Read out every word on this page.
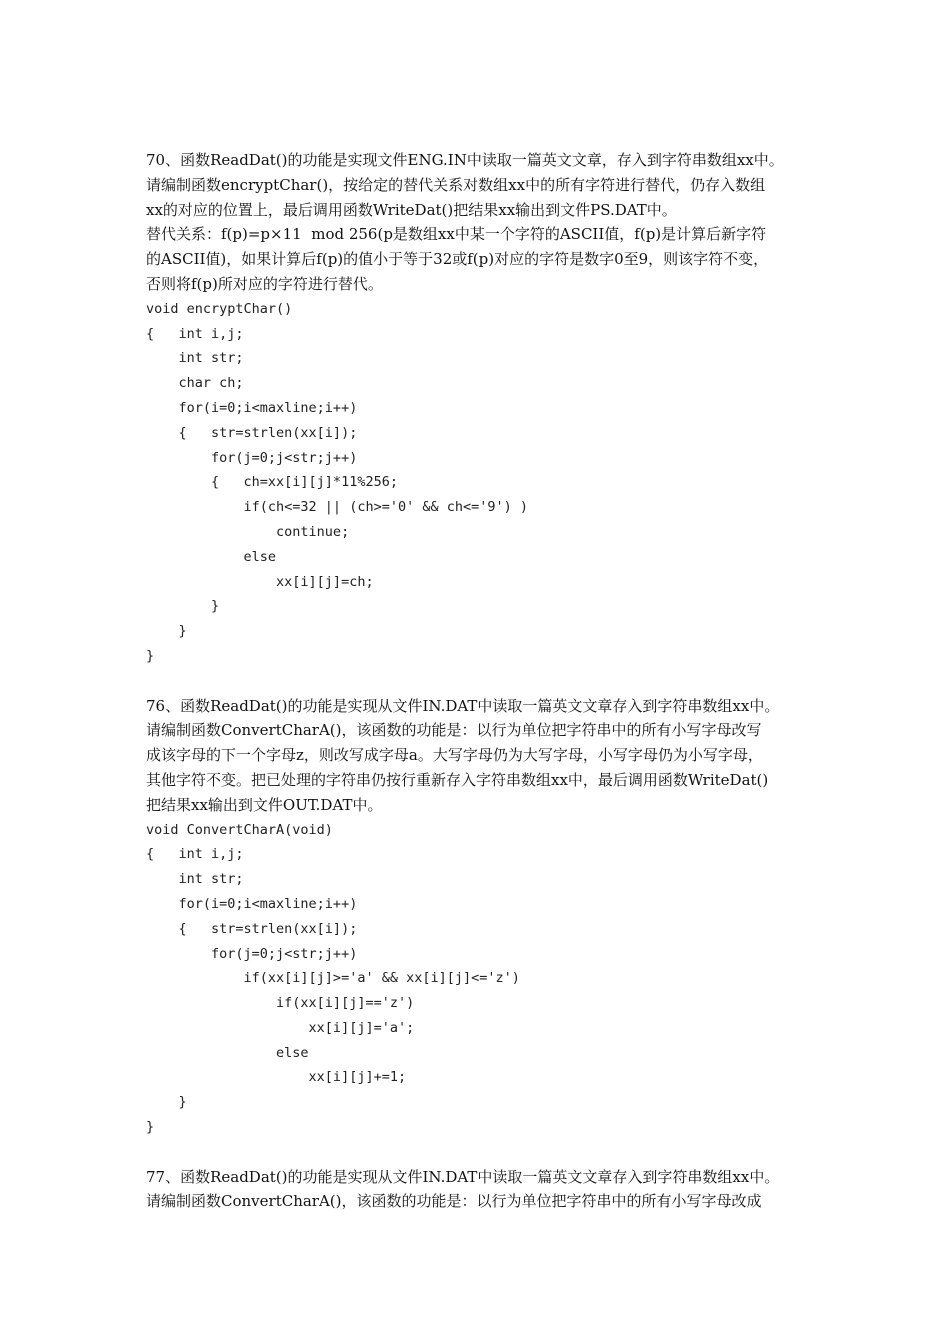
70、函数ReadDat()的功能是实现文件ENG.IN中读取一篇英文文章，存入到字符串数组xx中。

请编制函数encryptChar()，按给定的替代关系对数组xx中的所有字符进行替代，仍存入数组

xx的对应的位置上，最后调用函数WriteDat()把结果xx输出到文件PS.DAT中。

替代关系：f(p)=p×11  mod 256(p是数组xx中某一个字符的ASCII值，f(p)是计算后新字符

的ASCII值)，如果计算后f(p)的值小于等于32或f(p)对应的字符是数字0至9，则该字符不变，

否则将f(p)所对应的字符进行替代。

void encryptChar()
{   int i,j;
int str;
char ch;
for(i=0;i<maxline;i++)
{   str=strlen(xx[i]);
for(j=0;j<str;j++)
{   ch=xx[i][j]*11%256;
if(ch<=32 || (ch>='0' && ch<='9') )
continue;
else
xx[i][j]=ch;
}
}
}

76、函数ReadDat()的功能是实现从文件IN.DAT中读取一篇英文文章存入到字符串数组xx中。

请编制函数ConvertCharA()，该函数的功能是：以行为单位把字符串中的所有小写字母改写

成该字母的下一个字母z，则改写成字母a。大写字母仍为大写字母，小写字母仍为小写字母，

其他字符不变。把已处理的字符串仍按行重新存入字符串数组xx中，最后调用函数WriteDat()

把结果xx输出到文件OUT.DAT中。

void ConvertCharA(void)
{   int i,j;
int str;
for(i=0;i<maxline;i++)
{   str=strlen(xx[i]);
for(j=0;j<str;j++)
if(xx[i][j]>='a' && xx[i][j]<='z')
if(xx[i][j]=='z')
xx[i][j]='a';
else
xx[i][j]+=1;
}
}

77、函数ReadDat()的功能是实现从文件IN.DAT中读取一篇英文文章存入到字符串数组xx中。

请编制函数ConvertCharA()，该函数的功能是：以行为单位把字符串中的所有小写字母改成
